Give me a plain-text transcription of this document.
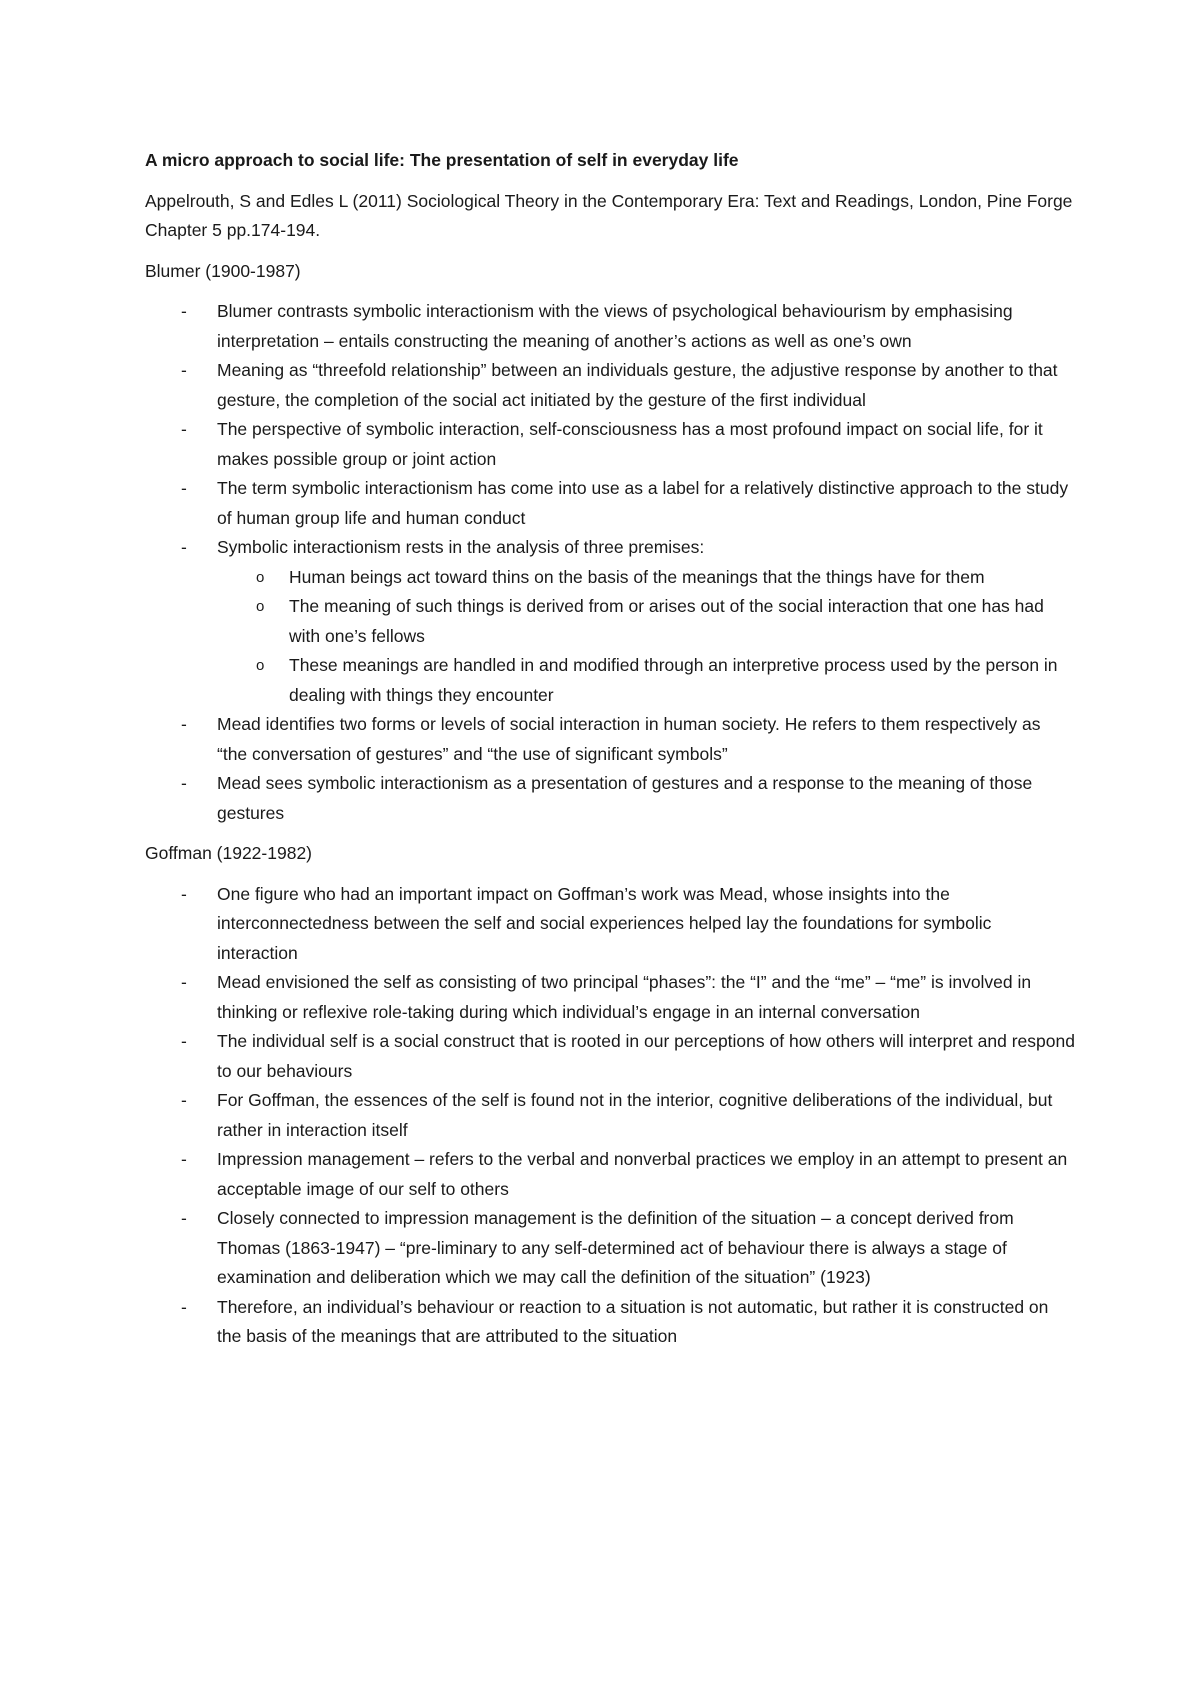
A micro approach to social life: The presentation of self in everyday life
Appelrouth, S and Edles L (2011) Sociological Theory in the Contemporary Era: Text and Readings, London, Pine Forge Chapter 5 pp.174-194.
Blumer (1900-1987)
- Blumer contrasts symbolic interactionism with the views of psychological behaviourism by emphasising interpretation – entails constructing the meaning of another’s actions as well as one’s own
- Meaning as “threefold relationship” between an individuals gesture, the adjustive response by another to that gesture, the completion of the social act initiated by the gesture of the first individual
- The perspective of symbolic interaction, self-consciousness has a most profound impact on social life, for it makes possible group or joint action
- The term symbolic interactionism has come into use as a label for a relatively distinctive approach to the study of human group life and human conduct
- Symbolic interactionism rests in the analysis of three premises:
o Human beings act toward thins on the basis of the meanings that the things have for them
o The meaning of such things is derived from or arises out of the social interaction that one has had with one’s fellows
o These meanings are handled in and modified through an interpretive process used by the person in dealing with things they encounter
- Mead identifies two forms or levels of social interaction in human society. He refers to them respectively as “the conversation of gestures” and “the use of significant symbols”
- Mead sees symbolic interactionism as a presentation of gestures and a response to the meaning of those gestures
Goffman (1922-1982)
- One figure who had an important impact on Goffman’s work was Mead, whose insights into the interconnectedness between the self and social experiences helped lay the foundations for symbolic interaction
- Mead envisioned the self as consisting of two principal “phases”: the “I” and the “me” – “me” is involved in thinking or reflexive role-taking during which individual’s engage in an internal conversation
- The individual self is a social construct that is rooted in our perceptions of how others will interpret and respond to our behaviours
- For Goffman, the essences of the self is found not in the interior, cognitive deliberations of the individual, but rather in interaction itself
- Impression management – refers to the verbal and nonverbal practices we employ in an attempt to present an acceptable image of our self to others
- Closely connected to impression management is the definition of the situation – a concept derived from Thomas (1863-1947) – “pre-liminary to any self-determined act of behaviour there is always a stage of examination and deliberation which we may call the definition of the situation” (1923)
- Therefore, an individual’s behaviour or reaction to a situation is not automatic, but rather it is constructed on the basis of the meanings that are attributed to the situation
